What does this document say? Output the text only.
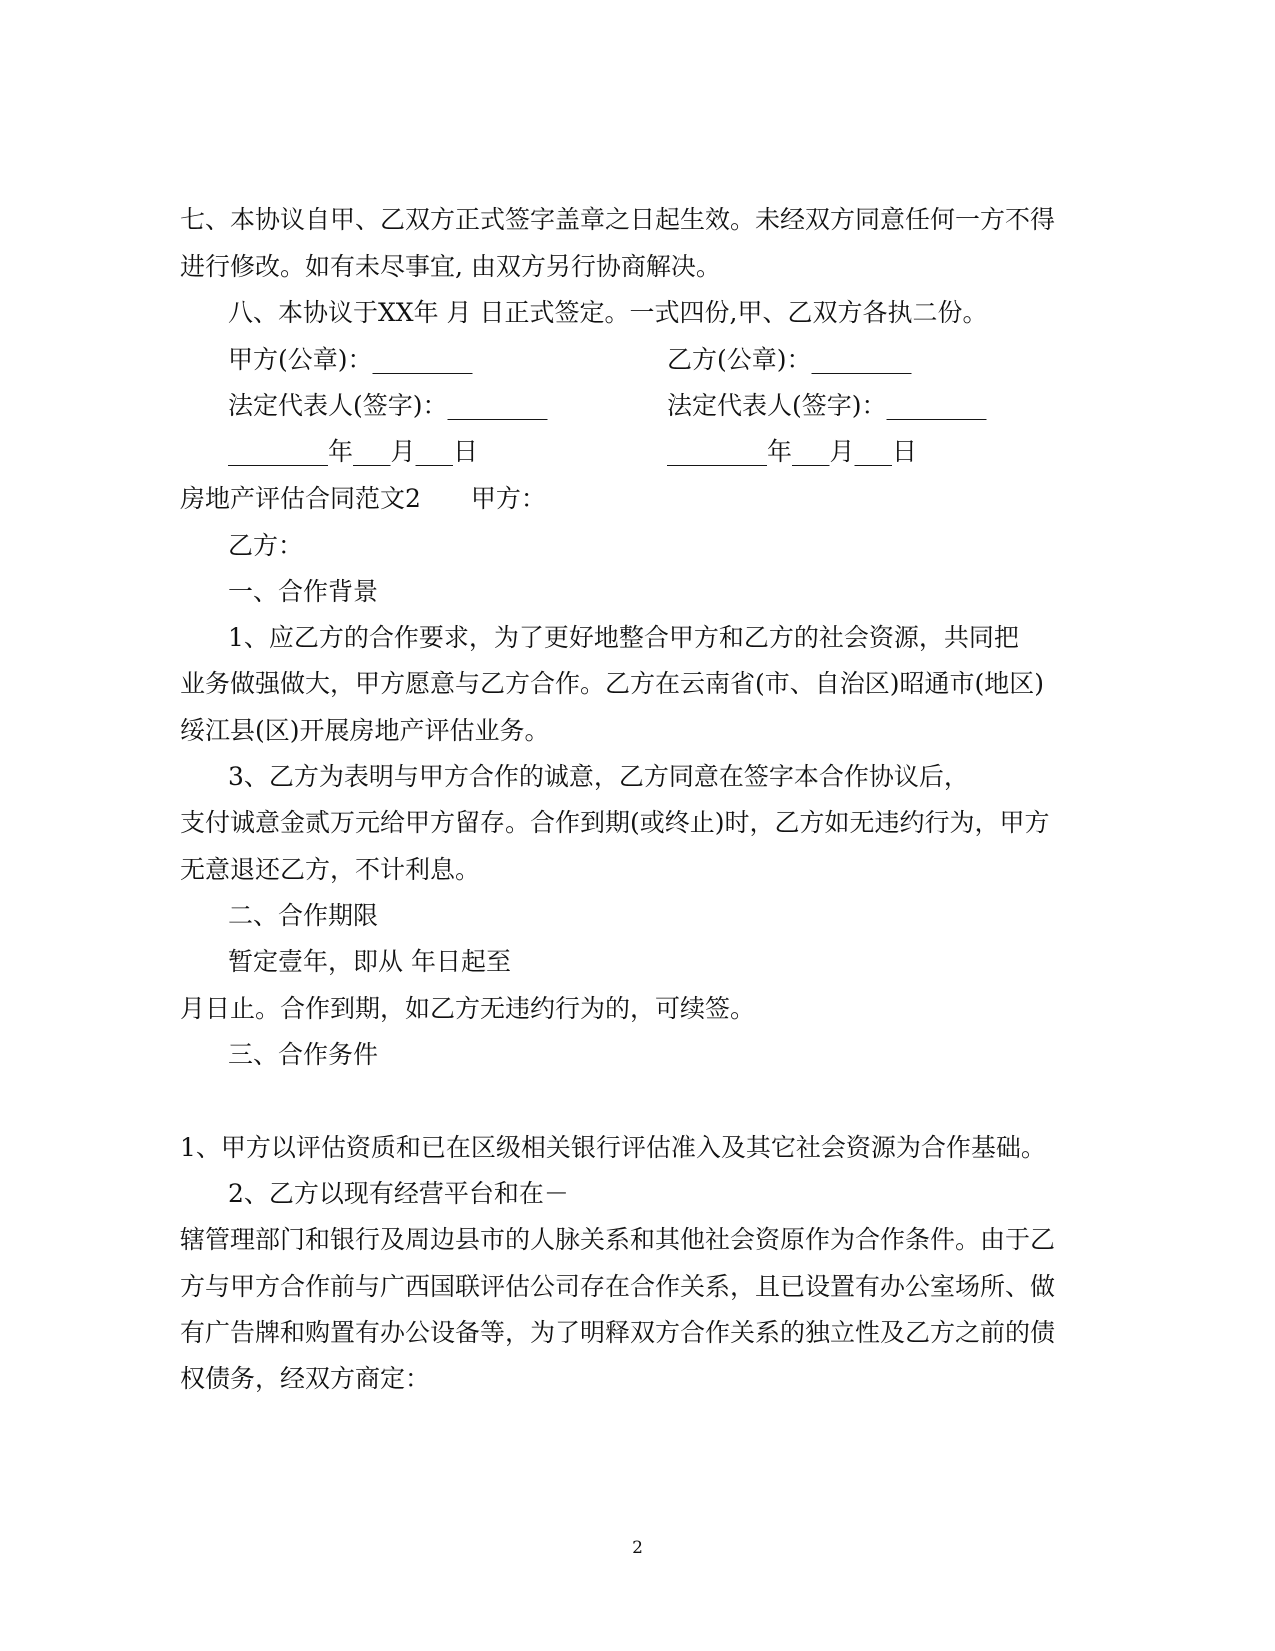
七、本协议自甲、乙双方正式签字盖章之日起生效。未经双方同意任何一方不得
进行修改。如有未尽事宜, 由双方另行协商解决。
八、本协议于XX年 月 日正式签定。一式四份,甲、乙双方各执二份。
甲方(公章)：________	乙方(公章)：________
法定代表人(签字)：________	法定代表人(签字)：________
________年___月___日	________年___月___日
房地产评估合同范文2　　甲方：
乙方：
一、合作背景
1、应乙方的合作要求，为了更好地整合甲方和乙方的社会资源，共同把
业务做强做大，甲方愿意与乙方合作。乙方在云南省(市、自治区)昭通市(地区)
绥江县(区)开展房地产评估业务。
3、乙方为表明与甲方合作的诚意，乙方同意在签字本合作协议后，
支付诚意金贰万元给甲方留存。合作到期(或终止)时，乙方如无违约行为，甲方
无意退还乙方，不计利息。
二、合作期限
暂定壹年，即从 年日起至
月日止。合作到期，如乙方无违约行为的，可续签。
三、合作务件
1、甲方以评估资质和已在区级相关银行评估准入及其它社会资源为合作基础。
2、乙方以现有经营平台和在－
辖管理部门和银行及周边县市的人脉关系和其他社会资原作为合作条件。由于乙
方与甲方合作前与广西国联评估公司存在合作关系，且已设置有办公室场所、做
有广告牌和购置有办公设备等，为了明释双方合作关系的独立性及乙方之前的债
权债务，经双方商定：
2
